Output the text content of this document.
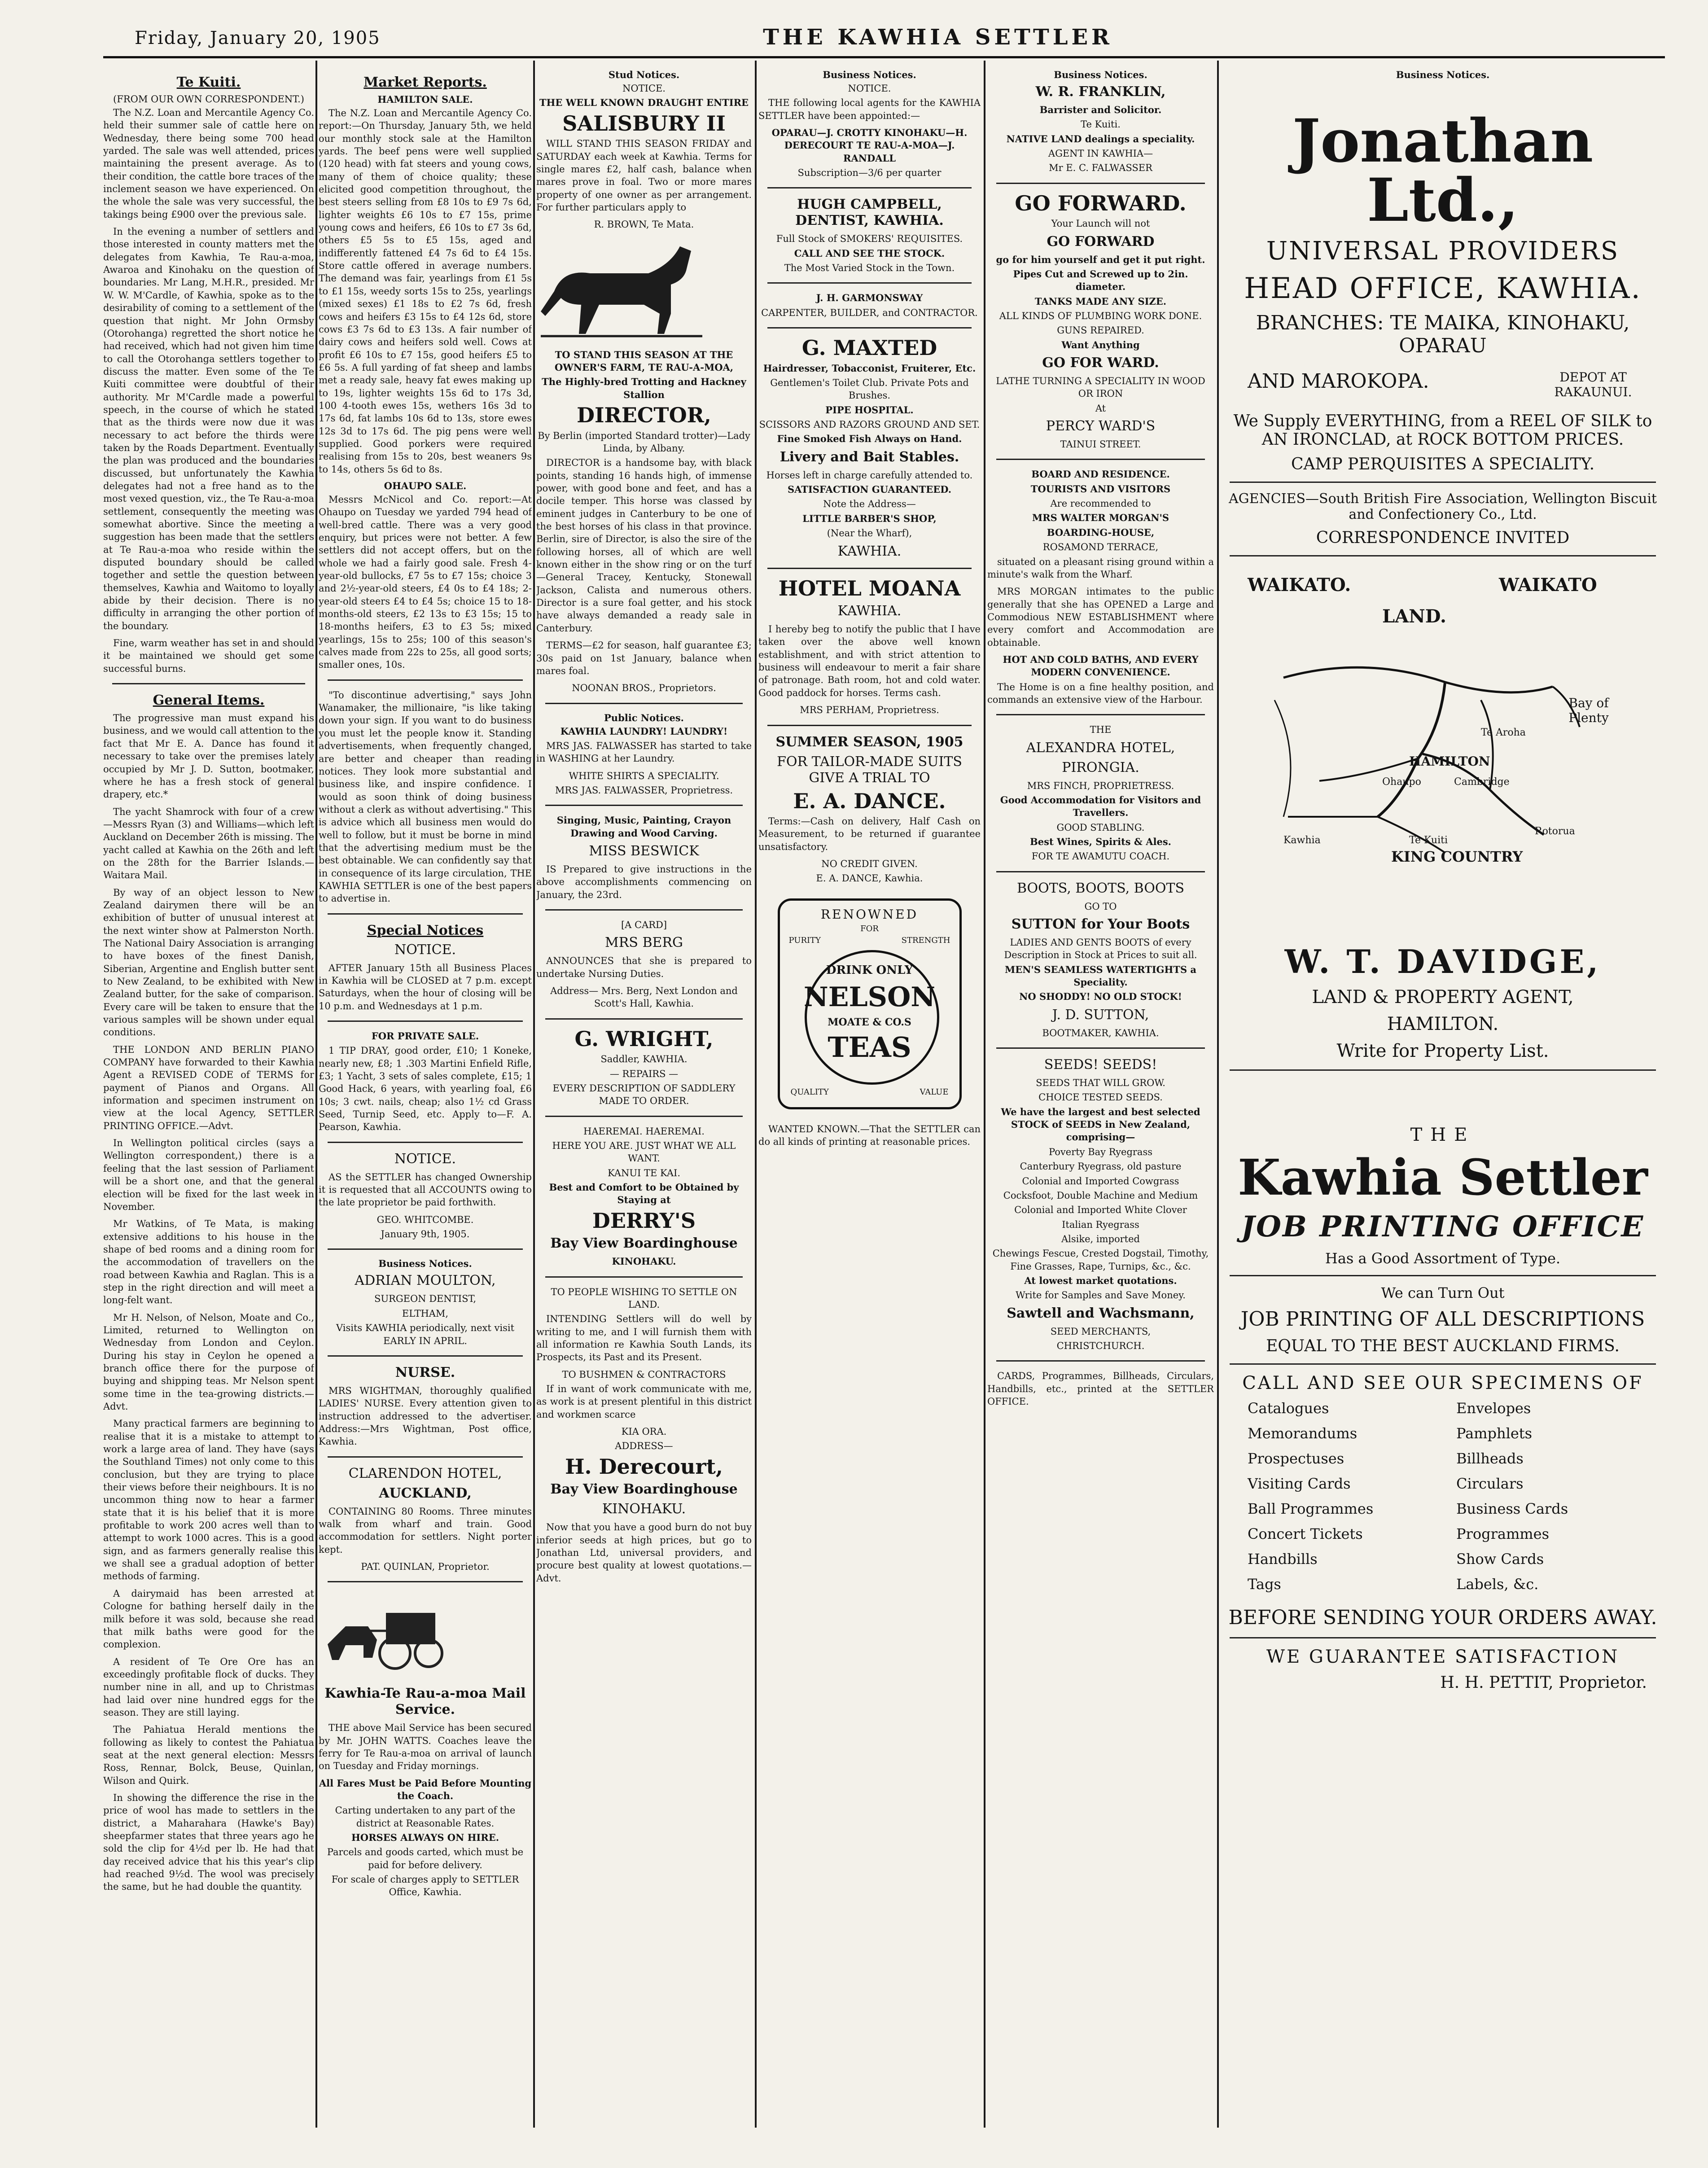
Friday, January 20, 1905	THE KAWHIA SETTLER
Te Kuiti.
(FROM OUR OWN CORRESPONDENT.)

The N.Z. Loan and Mercantile Agency Co. held their summer sale of cattle here on Wednesday, there being some 700 head yarded. The sale was well attended, prices maintaining the present average. As to their condition, the cattle bore traces of the inclement season we have experienced. On the whole the sale was very successful, the takings being £900 over the previous sale.

In the evening a number of settlers and those interested in county matters met the delegates from Kawhia, Te Rau-a-moa, Awaroa and Kinohaku on the question of boundaries. Mr Lang, M.H.R., presided. Mr W. W. M'Cardle, of Kawhia, spoke as to the desirability of coming to a settlement of the question that night. Mr John Ormsby (Otorohanga) regretted the short notice he had received, which had not given him time to call the Otorohanga settlers together to discuss the matter. Even some of the Te Kuiti committee were doubtful of their authority. Mr M'Cardle made a powerful speech, in the course of which he stated that as the thirds were now due it was necessary to act before the thirds were taken by the Roads Department. Eventually the plan was produced and the boundaries discussed, but unfortunately the Kawhia delegates had not a free hand as to the most vexed question, viz., the Te Rau-a-moa settlement, consequently the meeting was somewhat abortive. Since the meeting a suggestion has been made that the settlers at Te Rau-a-moa who reside within the disputed boundary should be called together and settle the question between themselves, Kawhia and Waitomo to loyally abide by their decision. There is no difficulty in arranging the other portion of the boundary.

Fine, warm weather has set in and should it be maintained we should get some successful burns.

General Items.

The progressive man must expand his business, and we would call attention to the fact that Mr E. A. Dance has found it necessary to take over the premises lately occupied by Mr J. D. Sutton, bootmaker, where he has a fresh stock of general drapery, etc.*

The yacht Shamrock with four of a crew—Messrs Ryan (3) and Williams—which left Auckland on December 26th is missing. The yacht called at Kawhia on the 26th and left on the 28th for the Barrier Islands.—Waitara Mail.

By way of an object lesson to New Zealand dairymen there will be an exhibition of butter of unusual interest at the next winter show at Palmerston North. The National Dairy Association is arranging to have boxes of the finest Danish, Siberian, Argentine and English butter sent to New Zealand, to be exhibited with New Zealand butter, for the sake of comparison. Every care will be taken to ensure that the various samples will be shown under equal conditions.

THE LONDON AND BERLIN PIANO COMPANY have forwarded to their Kawhia Agent a REVISED CODE of TERMS for payment of Pianos and Organs. All information and specimen instrument on view at the local Agency, SETTLER PRINTING OFFICE.—Advt.

In Wellington political circles (says a Wellington correspondent,) there is a feeling that the last session of Parliament will be a short one, and that the general election will be fixed for the last week in November.

Mr Watkins, of Te Mata, is making extensive additions to his house in the shape of bed rooms and a dining room for the accommodation of travellers on the road between Kawhia and Raglan. This is a step in the right direction and will meet a long-felt want.

Mr H. Nelson, of Nelson, Moate and Co., Limited, returned to Wellington on Wednesday from London and Ceylon. During his stay in Ceylon he opened a branch office there for the purpose of buying and shipping teas. Mr Nelson spent some time in the tea-growing districts.—Advt.

Many practical farmers are beginning to realise that it is a mistake to attempt to work a large area of land. They have (says the Southland Times) not only come to this conclusion, but they are trying to place their views before their neighbours. It is no uncommon thing now to hear a farmer state that it is his belief that it is more profitable to work 200 acres well than to attempt to work 1000 acres. This is a good sign, and as farmers generally realise this we shall see a gradual adoption of better methods of farming.

A dairymaid has been arrested at Cologne for bathing herself daily in the milk before it was sold, because she read that milk baths were good for the complexion.

A resident of Te Ore Ore has an exceedingly profitable flock of ducks. They number nine in all, and up to Christmas had laid over nine hundred eggs for the season. They are still laying.

The Pahiatua Herald mentions the following as likely to contest the Pahiatua seat at the next general election: Messrs Ross, Rennar, Bolck, Beuse, Quinlan, Wilson and Quirk.

In showing the difference the rise in the price of wool has made to settlers in the district, a Maharahara (Hawke's Bay) sheepfarmer states that three years ago he sold the clip for 4½d per lb. He had that day received advice that his this year's clip had reached 9½d. The wool was precisely the same, but he had double the quantity.

Market Reports.
HAMILTON SALE.

The N.Z. Loan and Mercantile Agency Co. report:—On Thursday, January 5th, we held our monthly stock sale at the Hamilton yards. The beef pens were well supplied (120 head) with fat steers and young cows, many of them of choice quality; these elicited good competition throughout, the best steers selling from £8 10s to £9 7s 6d, lighter weights £6 10s to £7 15s, prime young cows and heifers, £6 10s to £7 3s 6d, others £5 5s to £5 15s, aged and indifferently fattened £4 7s 6d to £4 15s. Store cattle offered in average numbers. The demand was fair, yearlings from £1 5s to £1 15s, weedy sorts 15s to 25s, yearlings (mixed sexes) £1 18s to £2 7s 6d, fresh cows and heifers £3 15s to £4 12s 6d, store cows £3 7s 6d to £3 13s. A fair number of dairy cows and heifers sold well. Cows at profit £6 10s to £7 15s, good heifers £5 to £6 5s. A full yarding of fat sheep and lambs met a ready sale, heavy fat ewes making up to 19s, lighter weights 15s 6d to 17s 3d, 100 4-tooth ewes 15s, wethers 16s 3d to 17s 6d, fat lambs 10s 6d to 13s, store ewes 12s 3d to 17s 6d. The pig pens were well supplied. Good porkers were required realising from 15s to 20s, best weaners 9s to 14s, others 5s 6d to 8s.

OHAUPO SALE.

Messrs McNicol and Co. report:—At Ohaupo on Tuesday we yarded 794 head of well-bred cattle. There was a very good enquiry, but prices were not better. A few settlers did not accept offers, but on the whole we had a fairly good sale. Fresh 4-year-old bullocks, £7 5s to £7 15s; choice 3 and 2½-year-old steers, £4 0s to £4 18s; 2-year-old steers £4 to £4 5s; choice 15 to 18-months-old steers, £2 13s to £3 15s; 15 to 18-months heifers, £3 to £3 5s; mixed yearlings, 15s to 25s; 100 of this season's calves made from 22s to 25s, all good sorts; smaller ones, 10s.

"To discontinue advertising," says John Wanamaker, the millionaire, "is like taking down your sign. If you want to do business you must let the people know it. Standing advertisements, when frequently changed, are better and cheaper than reading notices. They look more substantial and business like, and inspire confidence. I would as soon think of doing business without a clerk as without advertising." This is advice which all business men would do well to follow, but it must be borne in mind that the advertising medium must be the best obtainable. We can confidently say that in consequence of its large circulation, THE KAWHIA SETTLER is one of the best papers to advertise in.

Special Notices
NOTICE.

AFTER January 15th all Business Places in Kawhia will be CLOSED at 7 p.m. except Saturdays, when the hour of closing will be 10 p.m. and Wednesdays at 1 p.m.

FOR PRIVATE SALE.

1 TIP DRAY, good order, £10; 1 Koneke, nearly new, £8; 1 .303 Martini Enfield Rifle, £3; 1 Yacht, 3 sets of sales complete, £15; 1 Good Hack, 6 years, with yearling foal, £6 10s; 3 cwt. nails, cheap; also 1½ cd Grass Seed, Turnip Seed, etc. Apply to—F. A. Pearson, Kawhia.

NOTICE.

AS the SETTLER has changed Ownership it is requested that all ACCOUNTS owing to the late proprietor be paid forthwith.

GEO. WHITCOMBE.
January 9th, 1905.
Business Notices.
ADRIAN MOULTON,
SURGEON DENTIST,
ELTHAM,
Visits KAWHIA periodically, next visit EARLY IN APRIL.
NURSE.

MRS WIGHTMAN, thoroughly qualified LADIES' NURSE. Every attention given to instruction addressed to the advertiser. Address:—Mrs Wightman, Post office, Kawhia.

CLARENDON HOTEL,
AUCKLAND,

CONTAINING 80 Rooms. Three minutes walk from wharf and train. Good accommodation for settlers. Night porter kept.

PAT. QUINLAN, Proprietor.
Kawhia-Te Rau-a-moa Mail Service.

THE above Mail Service has been secured by Mr. JOHN WATTS. Coaches leave the ferry for Te Rau-a-moa on arrival of launch on Tuesday and Friday mornings.

All Fares Must be Paid Before Mounting the Coach.
Carting undertaken to any part of the district at Reasonable Rates.
HORSES ALWAYS ON HIRE.
Parcels and goods carted, which must be paid for before delivery.
For scale of charges apply to SETTLER Office, Kawhia.
Stud Notices.
NOTICE.
THE WELL KNOWN DRAUGHT ENTIRE
SALISBURY II

WILL STAND THIS SEASON FRIDAY and SATURDAY each week at Kawhia. Terms for single mares £2, half cash, balance when mares prove in foal. Two or more mares property of one owner as per arrangement. For further particulars apply to

R. BROWN, Te Mata.
TO STAND THIS SEASON AT THE OWNER'S FARM, TE RAU-A-MOA,
The Highly-bred Trotting and Hackney Stallion
DIRECTOR,
By Berlin (imported Standard trotter)—Lady Linda, by Albany.

DIRECTOR is a handsome bay, with black points, standing 16 hands high, of immense power, with good bone and feet, and has a docile temper. This horse was classed by eminent judges in Canterbury to be one of the best horses of his class in that province. Berlin, sire of Director, is also the sire of the following horses, all of which are well known either in the show ring or on the turf—General Tracey, Kentucky, Stonewall Jackson, Calista and numerous others. Director is a sure foal getter, and his stock have always demanded a ready sale in Canterbury.

TERMS—£2 for season, half guarantee £3; 30s paid on 1st January, balance when mares foal.

NOONAN BROS., Proprietors.
Public Notices.
KAWHIA LAUNDRY! LAUNDRY!

MRS JAS. FALWASSER has started to take in WASHING at her Laundry.

WHITE SHIRTS A SPECIALITY.
MRS JAS. FALWASSER, Proprietress.
Singing, Music, Painting, Crayon Drawing and Wood Carving.
MISS BESWICK

IS Prepared to give instructions in the above accomplishments commencing on January, the 23rd.

[A CARD]
MRS BERG

ANNOUNCES that she is prepared to undertake Nursing Duties.

Address— Mrs. Berg, Next London and Scott's Hall, Kawhia.
G. WRIGHT,
Saddler, KAWHIA.
— REPAIRS —
EVERY DESCRIPTION OF SADDLERY MADE TO ORDER.
HAEREMAI. HAEREMAI.
HERE YOU ARE. JUST WHAT WE ALL WANT.
KANUI TE KAI.
Best and Comfort to be Obtained by Staying at
DERRY'S
Bay View Boardinghouse
KINOHAKU.
TO PEOPLE WISHING TO SETTLE ON LAND.

INTENDING Settlers will do well by writing to me, and I will furnish them with all information re Kawhia South Lands, its Prospects, its Past and its Present.

TO BUSHMEN & CONTRACTORS

If in want of work communicate with me, as work is at present plentiful in this district and workmen scarce

KIA ORA.
ADDRESS—
H. Derecourt,
Bay View Boardinghouse
KINOHAKU.

Now that you have a good burn do not buy inferior seeds at high prices, but go to Jonathan Ltd, universal providers, and procure best quality at lowest quotations.—Advt.

Business Notices.
NOTICE.

THE following local agents for the KAWHIA SETTLER have been appointed:—

OPARAU—J. CROTTY KINOHAKU—H. DERECOURT TE RAU-A-MOA—J. RANDALL
Subscription—3/6 per quarter
HUGH CAMPBELL, DENTIST, KAWHIA.
Full Stock of SMOKERS' REQUISITES.
CALL AND SEE THE STOCK.
The Most Varied Stock in the Town.
J. H. GARMONSWAY
CARPENTER, BUILDER, and CONTRACTOR.
G. MAXTED
Hairdresser, Tobacconist, Fruiterer, Etc.
Gentlemen's Toilet Club. Private Pots and Brushes.
PIPE HOSPITAL.
SCISSORS AND RAZORS GROUND AND SET.
Fine Smoked Fish Always on Hand.
Livery and Bait Stables.
Horses left in charge carefully attended to.
SATISFACTION GUARANTEED.
Note the Address—
LITTLE BARBER'S SHOP,
(Near the Wharf),
KAWHIA.
HOTEL MOANA
KAWHIA.

I hereby beg to notify the public that I have taken over the above well known establishment, and with strict attention to business will endeavour to merit a fair share of patronage. Bath room, hot and cold water. Good paddock for horses. Terms cash.

MRS PERHAM, Proprietress.
SUMMER SEASON, 1905
FOR TAILOR-MADE SUITS GIVE A TRIAL TO
E. A. DANCE.

Terms:—Cash on delivery, Half Cash on Measurement, to be returned if guarantee unsatisfactory.

NO CREDIT GIVEN.
E. A. DANCE, Kawhia.
RENOWNED
FOR
PURITY	STRENGTH
DRINK ONLY
NELSON
MOATE & CO.S
TEAS
QUALITY	VALUE

WANTED KNOWN.—That the SETTLER can do all kinds of printing at reasonable prices.

Business Notices.
W. R. FRANKLIN,
Barrister and Solicitor.
Te Kuiti.
NATIVE LAND dealings a speciality.
AGENT IN KAWHIA—
Mr E. C. FALWASSER
GO FORWARD.
Your Launch will not
GO FORWARD
go for him yourself and get it put right.
Pipes Cut and Screwed up to 2in. diameter.
TANKS MADE ANY SIZE.
ALL KINDS OF PLUMBING WORK DONE.
GUNS REPAIRED.
Want Anything
GO FOR WARD.
LATHE TURNING A SPECIALITY IN WOOD OR IRON
At
PERCY WARD'S
TAINUI STREET.
BOARD AND RESIDENCE.
TOURISTS AND VISITORS
Are recommended to
MRS WALTER MORGAN'S
BOARDING-HOUSE,
ROSAMOND TERRACE,

situated on a pleasant rising ground within a minute's walk from the Wharf.

MRS MORGAN intimates to the public generally that she has OPENED a Large and Commodious NEW ESTABLISHMENT where every comfort and Accommodation are obtainable.

HOT AND COLD BATHS, AND EVERY MODERN CONVENIENCE.

The Home is on a fine healthy position, and commands an extensive view of the Harbour.

THE
ALEXANDRA HOTEL,
PIRONGIA.
MRS FINCH, PROPRIETRESS.
Good Accommodation for Visitors and Travellers.
GOOD STABLING.
Best Wines, Spirits & Ales.
FOR TE AWAMUTU COACH.
BOOTS, BOOTS, BOOTS
GO TO
SUTTON for Your Boots
LADIES AND GENTS BOOTS of every Description in Stock at Prices to suit all.
MEN'S SEAMLESS WATERTIGHTS a Speciality.
NO SHODDY! NO OLD STOCK!
J. D. SUTTON,
BOOTMAKER, KAWHIA.
SEEDS! SEEDS!
SEEDS THAT WILL GROW.
CHOICE TESTED SEEDS.
We have the largest and best selected STOCK of SEEDS in New Zealand, comprising—
Poverty Bay Ryegrass
Canterbury Ryegrass, old pasture
Colonial and Imported Cowgrass
Cocksfoot, Double Machine and Medium
Colonial and Imported White Clover
Italian Ryegrass
Alsike, imported
Chewings Fescue, Crested Dogstail, Timothy, Fine Grasses, Rape, Turnips, &c., &c.
At lowest market quotations.
Write for Samples and Save Money.
Sawtell and Wachsmann,
SEED MERCHANTS,
CHRISTCHURCH.

CARDS, Programmes, Billheads, Circulars, Handbills, etc., printed at the SETTLER OFFICE.

Business Notices.
Jonathan Ltd.,
UNIVERSAL PROVIDERS
HEAD OFFICE, KAWHIA.
BRANCHES: TE MAIKA, KINOHAKU, OPARAU
AND MAROKOPA.	DEPOT AT RAKAUNUI.
We Supply EVERYTHING, from a REEL OF SILK to AN IRONCLAD, at ROCK BOTTOM PRICES.
CAMP PERQUISITES A SPECIALITY.
AGENCIES—South British Fire Association, Wellington Biscuit and Confectionery Co., Ltd.
CORRESPONDENCE INVITED
WAIKATO.	WAIKATO
LAND.
Bay of Plenty
HAMILTON
Ohaupo	Cambridge
Te Aroha
Kawhia	Te Kuiti
KING COUNTRY
Rotorua
W. T. DAVIDGE,
LAND & PROPERTY AGENT,
HAMILTON.
Write for Property List.
THE
Kawhia Settler
JOB PRINTING OFFICE
Has a Good Assortment of Type.
We can Turn Out
JOB PRINTING OF ALL DESCRIPTIONS
EQUAL TO THE BEST AUCKLAND FIRMS.
CALL AND SEE OUR SPECIMENS OF
Catalogues	Envelopes
Memorandums	Pamphlets
Prospectuses	Billheads
Visiting Cards	Circulars
Ball Programmes	Business Cards
Concert Tickets	Programmes
Handbills	Show Cards
Tags	Labels, &c.
BEFORE SENDING YOUR ORDERS AWAY.
WE GUARANTEE SATISFACTION
H. H. PETTIT, Proprietor.
